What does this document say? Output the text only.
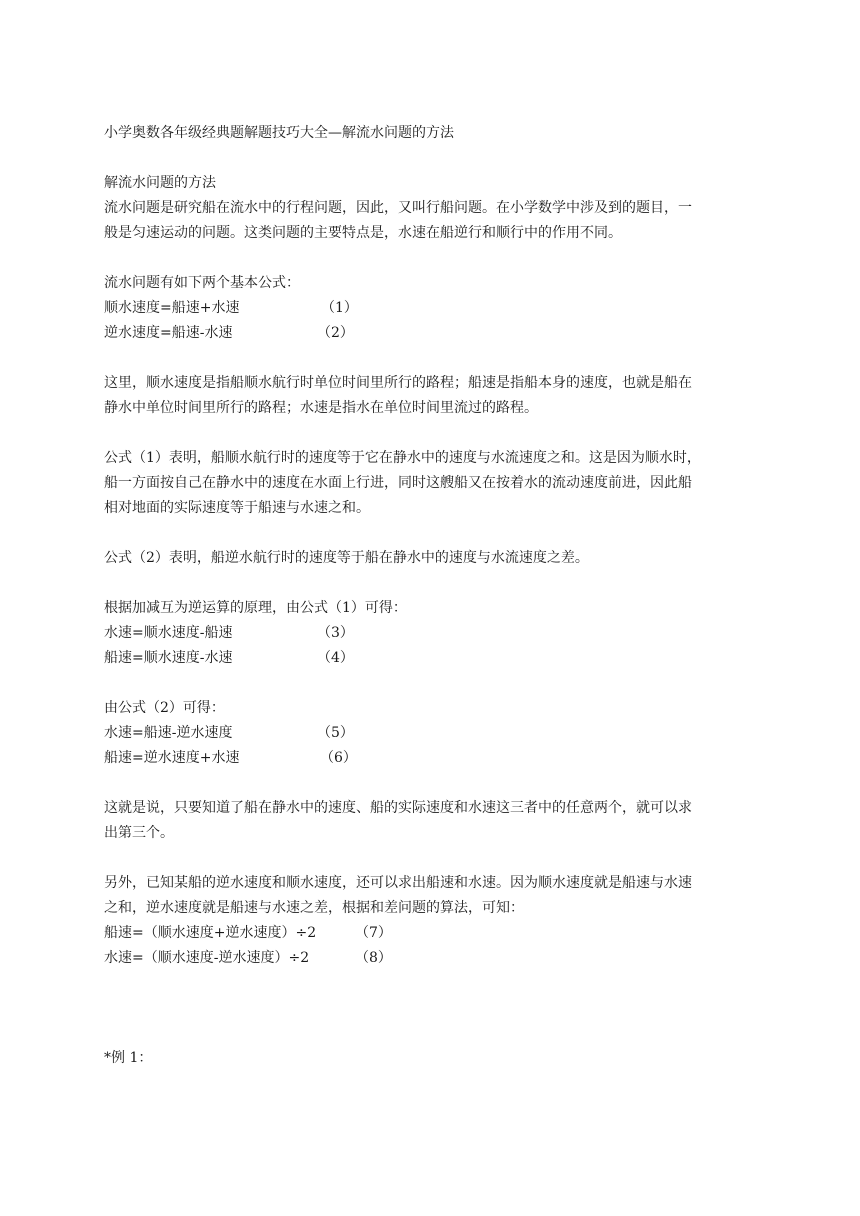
小学奥数各年级经典题解题技巧大全—解流水问题的方法
解流水问题的方法
流水问题是研究船在流水中的行程问题，因此，又叫行船问题。在小学数学中涉及到的题目，一
般是匀速运动的问题。这类问题的主要特点是，水速在船逆行和顺行中的作用不同。
流水问题有如下两个基本公式：
顺水速度=船速+水速	（1）
逆水速度=船速-水速	（2）
这里，顺水速度是指船顺水航行时单位时间里所行的路程；船速是指船本身的速度，也就是船在
静水中单位时间里所行的路程；水速是指水在单位时间里流过的路程。
公式（1）表明，船顺水航行时的速度等于它在静水中的速度与水流速度之和。这是因为顺水时，
船一方面按自己在静水中的速度在水面上行进，同时这艘船又在按着水的流动速度前进，因此船
相对地面的实际速度等于船速与水速之和。
公式（2）表明，船逆水航行时的速度等于船在静水中的速度与水流速度之差。
根据加减互为逆运算的原理，由公式（1）可得：
水速=顺水速度-船速	（3）
船速=顺水速度-水速	（4）
由公式（2）可得：
水速=船速-逆水速度	（5）
船速=逆水速度+水速	（6）
这就是说，只要知道了船在静水中的速度、船的实际速度和水速这三者中的任意两个，就可以求
出第三个。
另外，已知某船的逆水速度和顺水速度，还可以求出船速和水速。因为顺水速度就是船速与水速
之和，逆水速度就是船速与水速之差，根据和差问题的算法，可知：
船速=（顺水速度+逆水速度）÷2	（7）
水速=（顺水速度-逆水速度）÷2	（8）
*例 1：
